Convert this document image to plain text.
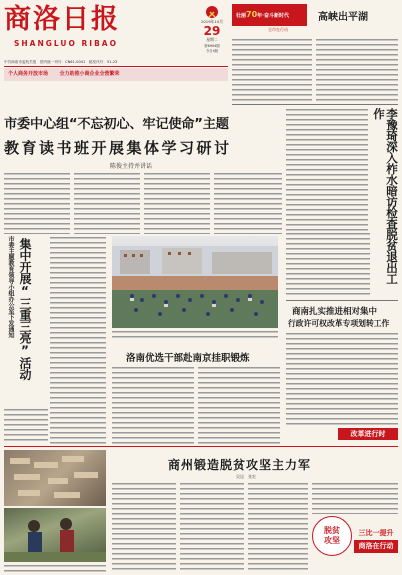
商洛日报
SHANGLUO RIBAO
2019年10月
29
星期二
第6904期
今日4版
中共商洛市委机关报　国内统一刊号：CN61-0041　邮发代号：51-23
个人商务开放市场 全力助推小商企业全营繁荣
壮丽70年·奋斗新时代
全市在行动
高峡出平湖
市委中心组“不忘初心、牢记使命”主题
教育读书班开展集体学习研讨
陈俊主持并讲话
市委主题教育领导小组办公室下发通知 集中开展“三重三亮”活动	洛南优选干部赴南京挂职锻炼
李豫琦深入柞水暗访检查脱贫退出工作
商南扎实推进相对集中
行政许可权改革专项划转工作
改革进行时
商州锻造脱贫攻坚主力军
吴昆　张宏
脱贫
攻坚
三比一提升
商洛在行动
